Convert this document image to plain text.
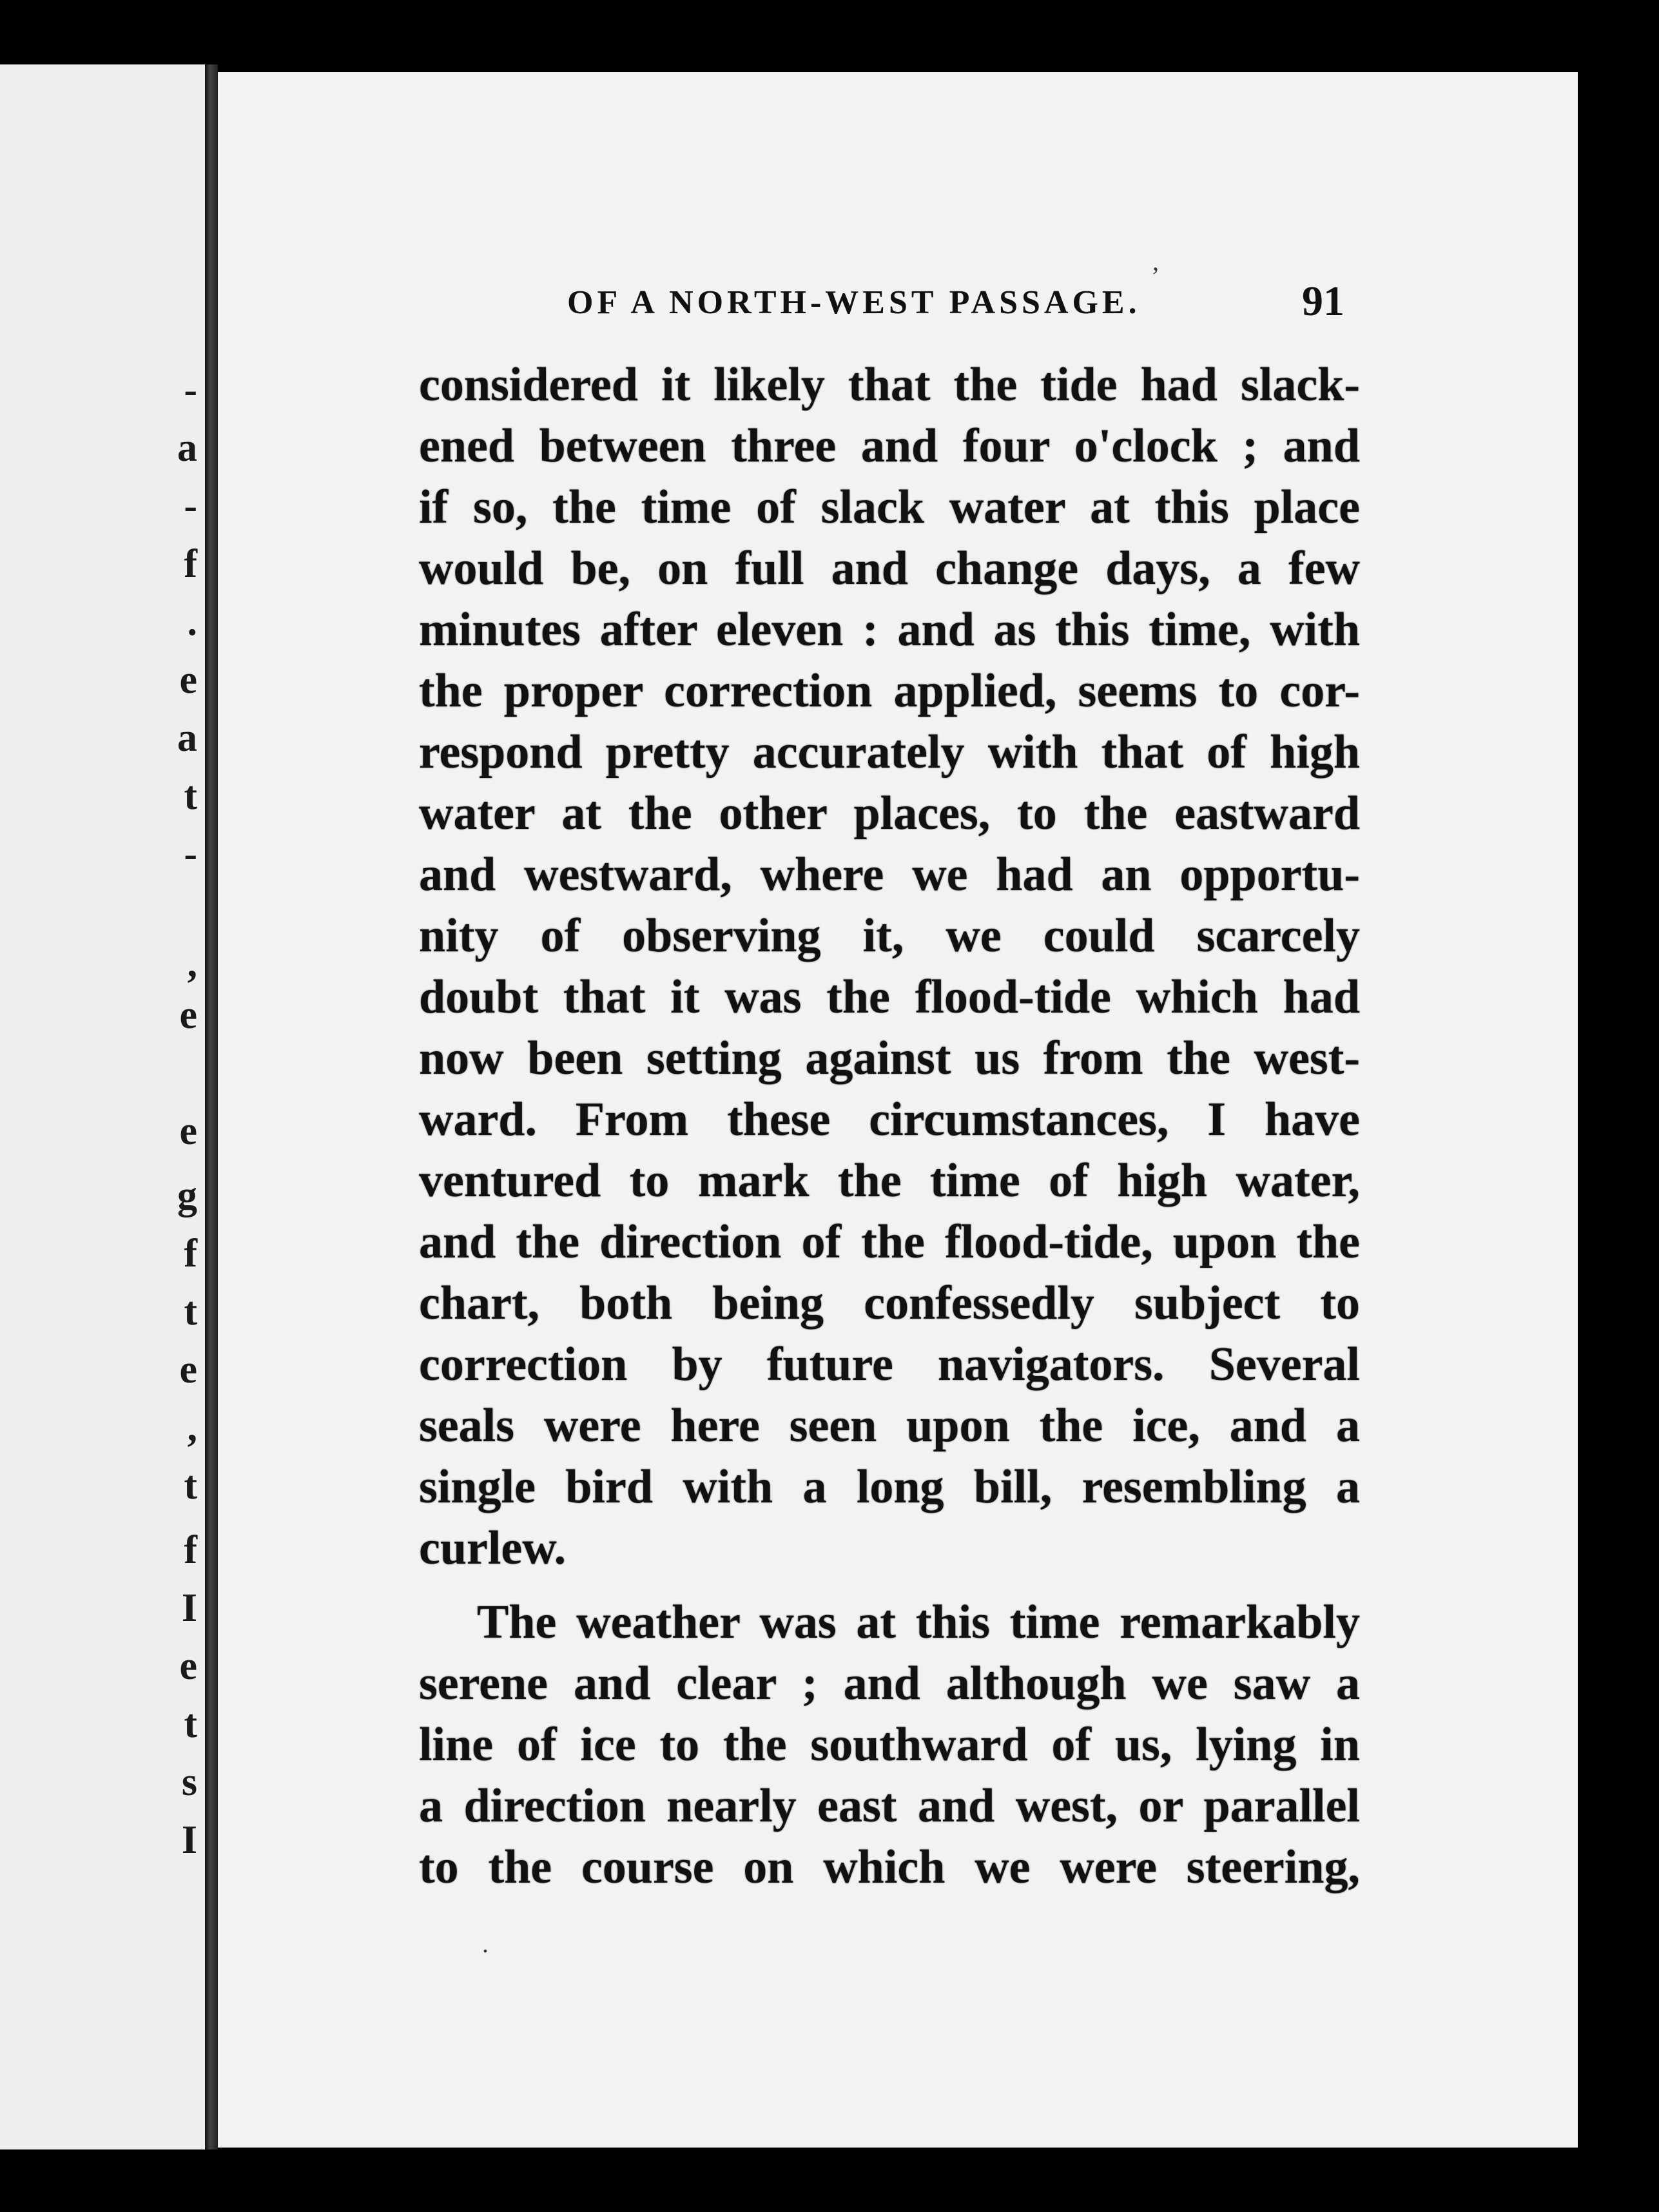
-
a
-
f
.
e
a
t
-
,
e
e
g
f
t
e
,
t
f
I
e
t
s
I
,
.
OF A NORTH-WEST PASSAGE.	91
considered it likely that the tide had slack-
ened between three and four o'clock ; and
if so, the time of slack water at this place
would be, on full and change days, a few
minutes after eleven : and as this time, with
the proper correction applied, seems to cor-
respond pretty accurately with that of high
water at the other places, to the eastward
and westward, where we had an opportu-
nity of observing it, we could scarcely
doubt that it was the flood-tide which had
now been setting against us from the west-
ward. From these circumstances, I have
ventured to mark the time of high water,
and the direction of the flood-tide, upon the
chart, both being confessedly subject to
correction by future navigators. Several
seals were here seen upon the ice, and a
single bird with a long bill, resembling a
curlew.
The weather was at this time remarkably
serene and clear ; and although we saw a
line of ice to the southward of us, lying in
a direction nearly east and west, or parallel
to the course on which we were steering,
